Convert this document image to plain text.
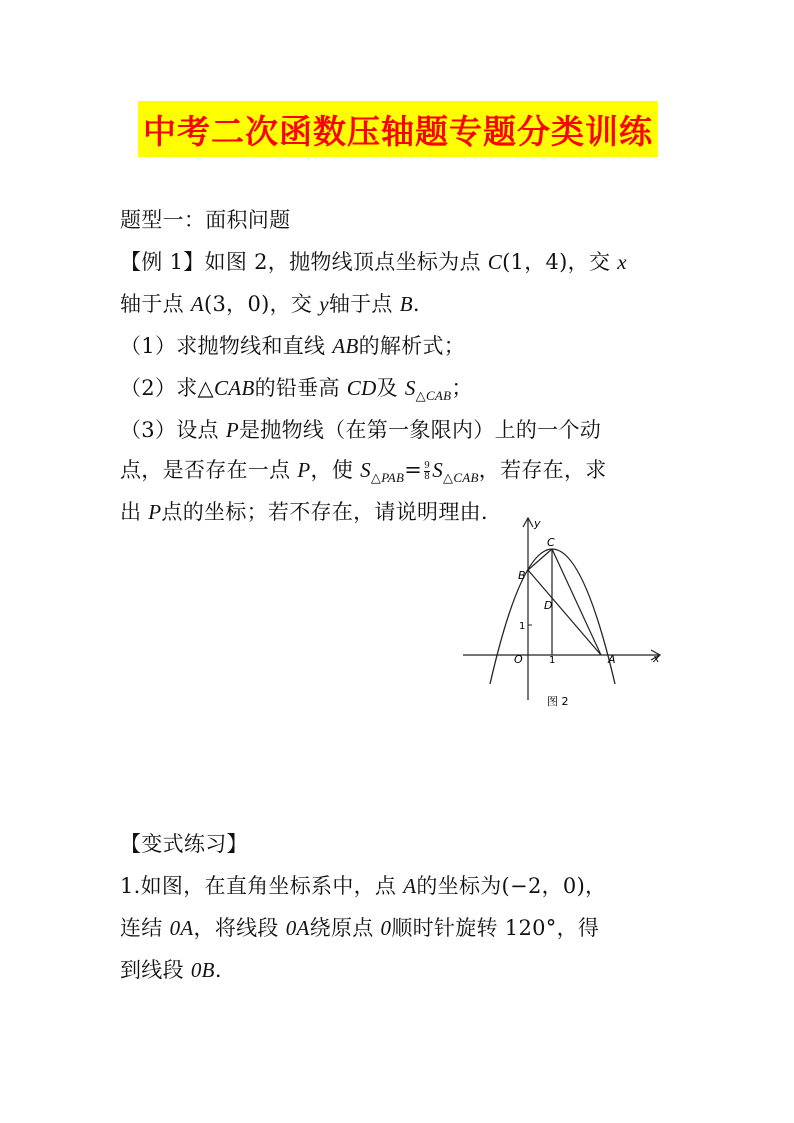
中考二次函数压轴题专题分类训练
题型一：面积问题
【例 1】如图 2，抛物线顶点坐标为点 C(1，4)，交 x
轴于点 A(3，0)，交 y轴于点 B.
（1）求抛物线和直线 AB的解析式；
（2）求△CAB的铅垂高 CD及 $S_{\triangle CAB}$；
（3）设点 P是抛物线（在第一象限内）上的一个动
点，是否存在一点 P，使 $S_{\triangle PAB}= \frac{9}{8} S_{\triangle CAB}$，若存在，求
出 P点的坐标；若不存在，请说明理由.	y
x
C
B
D
O	A
1
1
图 2
【变式练习】
1.如图，在直角坐标系中，点 A的坐标为(−2，0)，
连结 0A，将线段 0A绕原点 0顺时针旋转 120°，得
到线段 0B.
